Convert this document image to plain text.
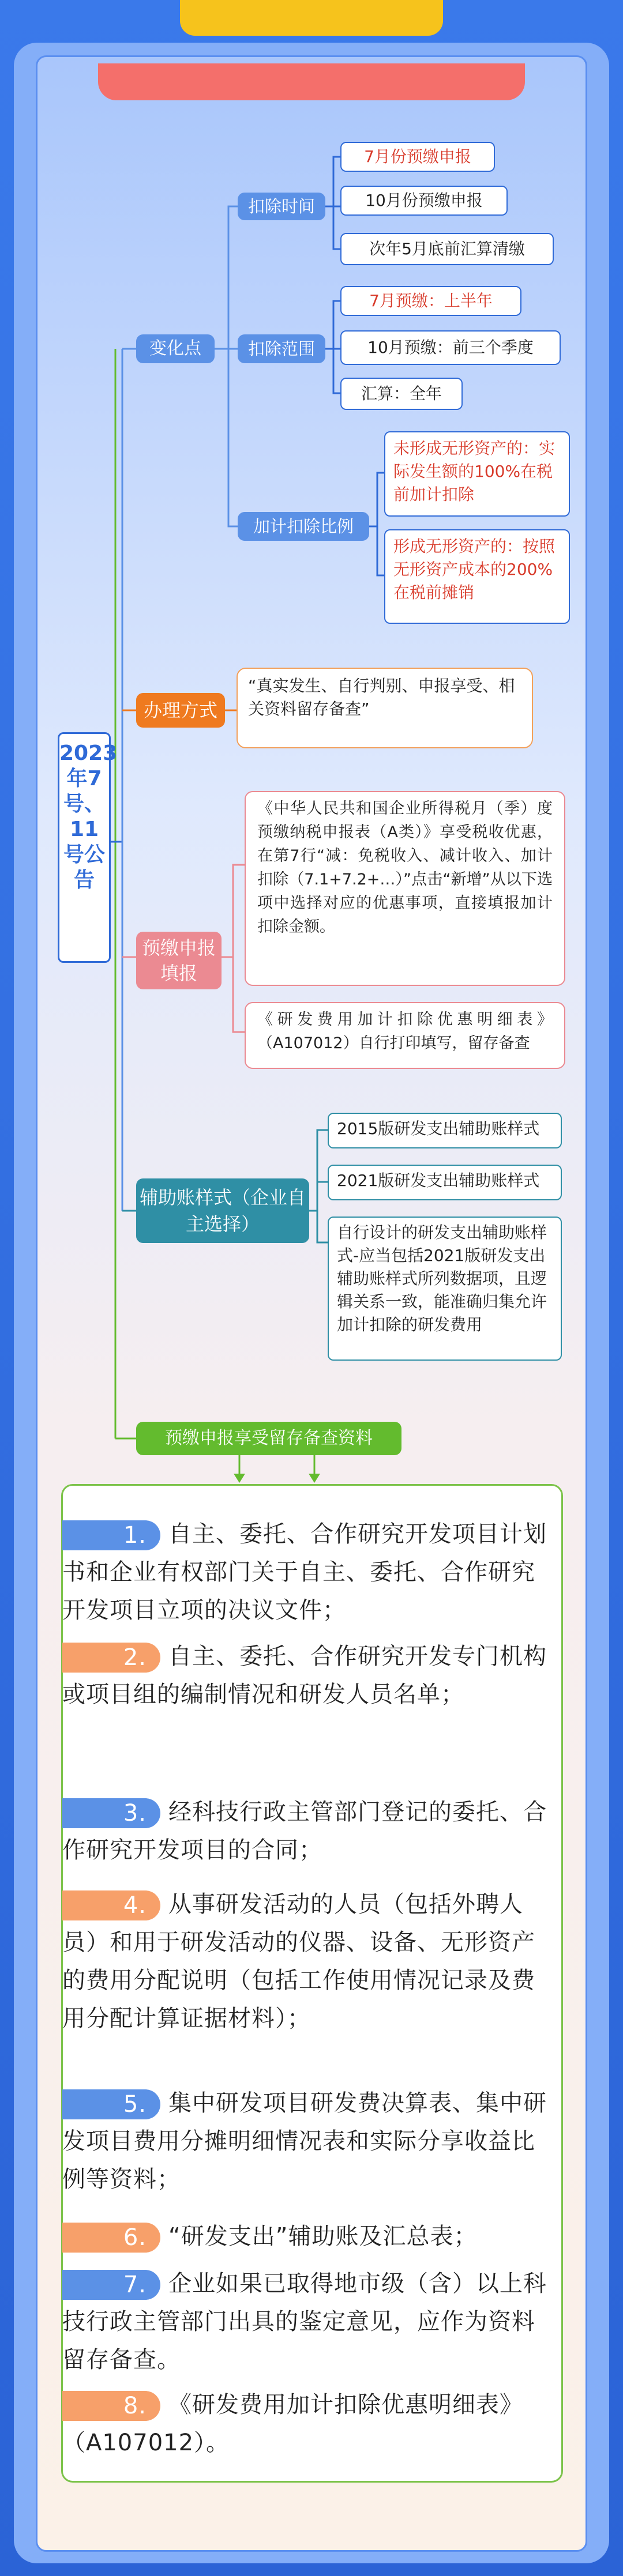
2023年7号、11号公告
变化点
扣除时间
7月份预缴申报
10月份预缴申报
次年5月底前汇算清缴
扣除范围
7月预缴：上半年
10月预缴：前三个季度
汇算：全年
加计扣除比例
未形成无形资产的：实际发生额的100%在税前加计扣除
形成无形资产的：按照无形资产成本的200%在税前摊销
办理方式
“真实发生、自行判别、申报享受、相关资料留存备查”
预缴申报填报
《中华人民共和国企业所得税月（季）度预缴纳税申报表（A类）》享受税收优惠，在第7行“减：免税收入、减计收入、加计扣除（7.1+7.2+…）”点击“新增”从以下选项中选择对应的优惠事项，直接填报加计扣除金额。
《研发费用加计扣除优惠明细表》（A107012）自行打印填写，留存备查
辅助账样式（企业自主选择）
2015版研发支出辅助账样式
2021版研发支出辅助账样式
自行设计的研发支出辅助账样式-应当包括2021版研发支出辅助账样式所列数据项，且逻辑关系一致，能准确归集允许加计扣除的研发费用
预缴申报享受留存备查资料
1. 自主、委托、合作研究开发项目计划书和企业有权部门关于自主、委托、合作研究开发项目立项的决议文件；
2. 自主、委托、合作研究开发专门机构或项目组的编制情况和研发人员名单；
3. 经科技行政主管部门登记的委托、合作研究开发项目的合同；
4. 从事研发活动的人员（包括外聘人员）和用于研发活动的仪器、设备、无形资产的费用分配说明（包括工作使用情况记录及费用分配计算证据材料）；
5. 集中研发项目研发费决算表、集中研发项目费用分摊明细情况表和实际分享收益比例等资料；
6. “研发支出”辅助账及汇总表；
7. 企业如果已取得地市级（含）以上科技行政主管部门出具的鉴定意见，应作为资料留存备查。
8. 《研发费用加计扣除优惠明细表》（A107012）。
